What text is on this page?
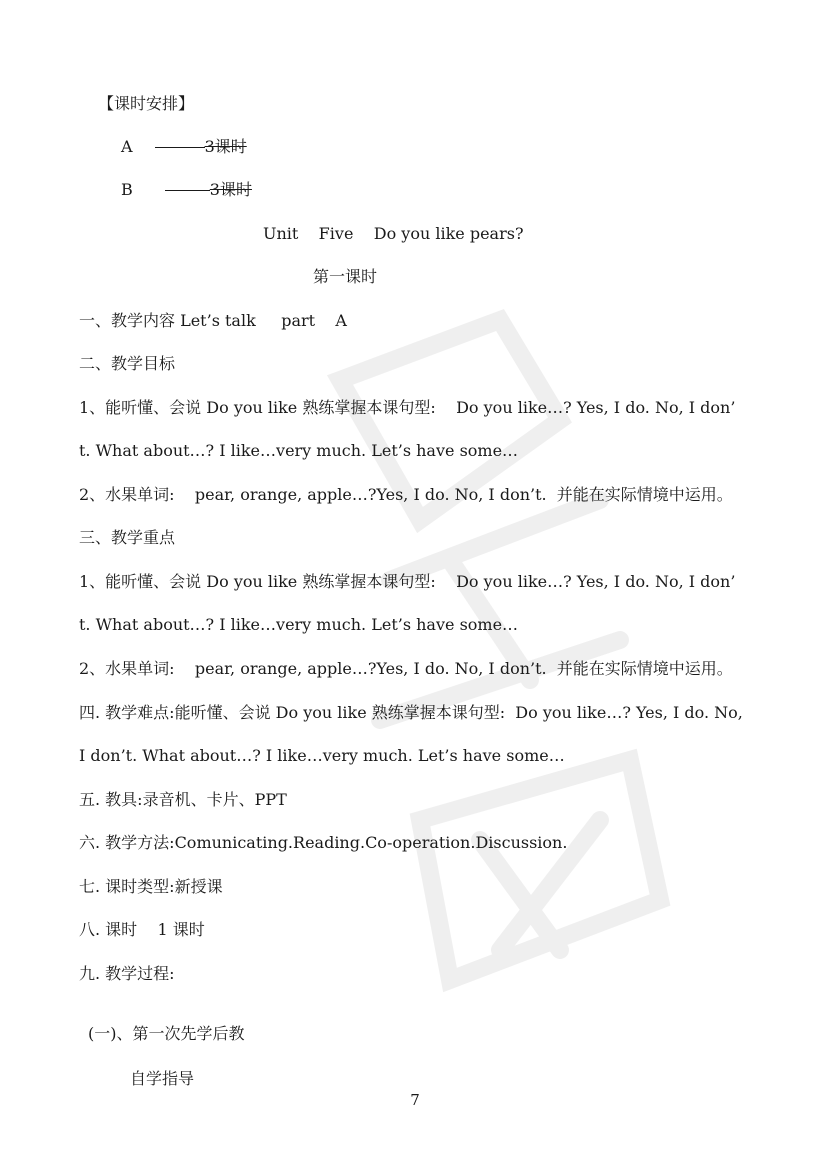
【课时安排】
A	3课时
B	3课时
Unit    Five    Do you like pears?
第一课时
一、教学内容 Let’s talk     part    A
二、教学目标
1、能听懂、会说 Do you like 熟练掌握本课句型:    Do you like…? Yes, I do. No, I don’
t. What about…? I like…very much. Let’s have some…
2、水果单词:    pear, orange, apple…?Yes, I do. No, I don’t.  并能在实际情境中运用。
三、教学重点
1、能听懂、会说 Do you like 熟练掌握本课句型:    Do you like…? Yes, I do. No, I don’
t. What about…? I like…very much. Let’s have some…
2、水果单词:    pear, orange, apple…?Yes, I do. No, I don’t.  并能在实际情境中运用。
四. 教学难点:能听懂、会说 Do you like 熟练掌握本课句型:  Do you like…? Yes, I do. No,
I don’t. What about…? I like…very much. Let’s have some…
五. 教具:录音机、卡片、PPT
六. 教学方法:Comunicating.Reading.Co-operation.Discussion.
七. 课时类型:新授课
八. 课时    1 课时
九. 教学过程:
(一)、第一次先学后教
自学指导
7
